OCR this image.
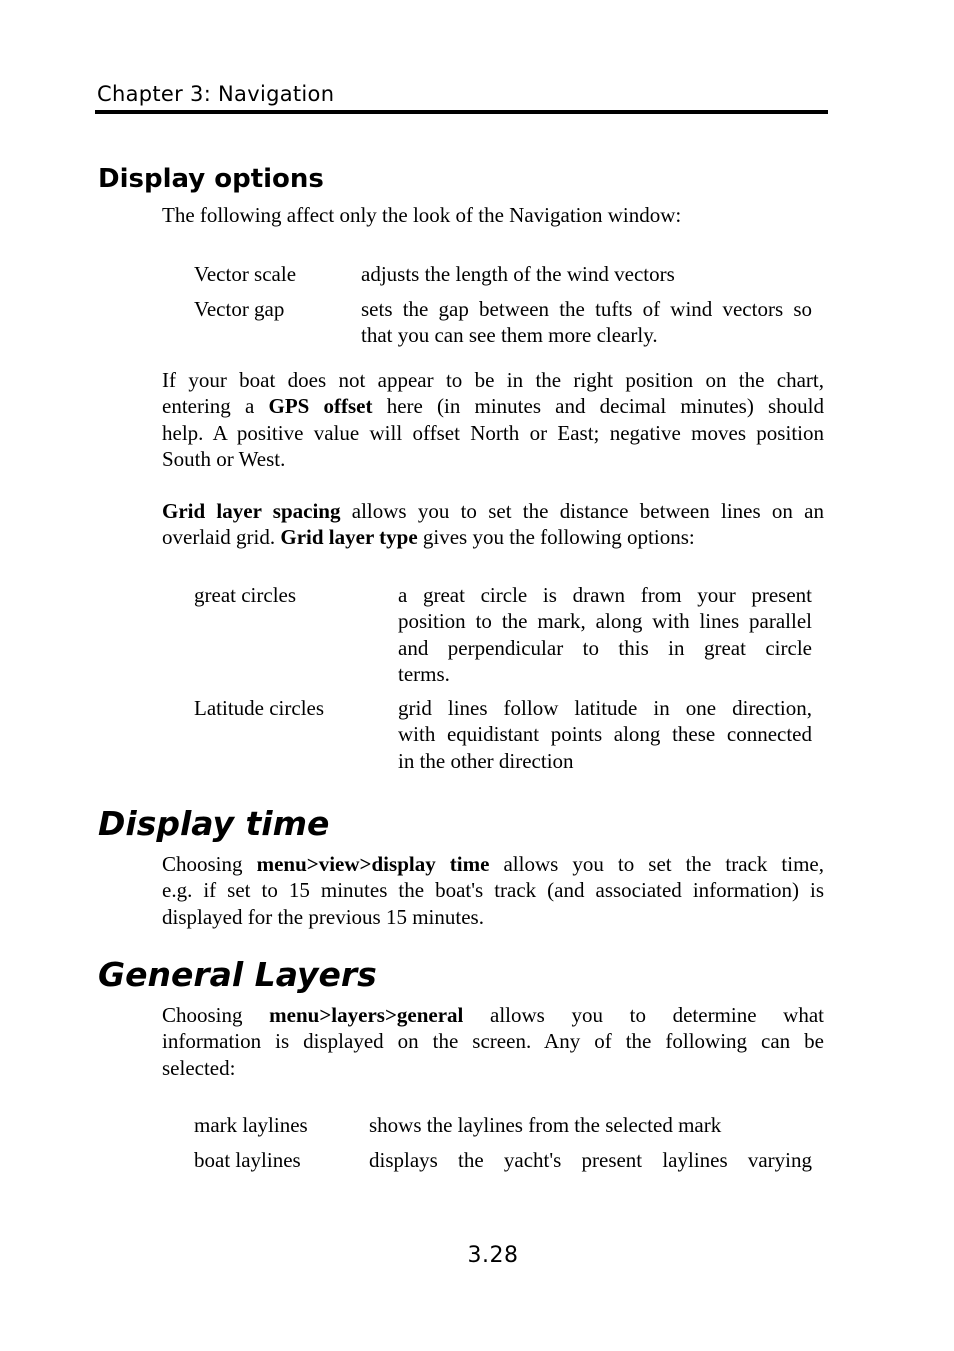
Chapter 3: Navigation
Display options
The following affect only the look of the Navigation window:
Vector scale	adjusts the length of the wind vectors
Vector gap	sets the gap between the tufts of wind vectors so
that you can see them more clearly.
If your boat does not appear to be in the right position on the chart,
entering a GPS offset here (in minutes and decimal minutes) should
help. A positive value will offset North or East; negative moves position
South or West.
Grid layer spacing allows you to set the distance between lines on an
overlaid grid. Grid layer type gives you the following options:
great circles	a great circle is drawn from your present
position to the mark, along with lines parallel
and perpendicular to this in great circle
terms.
Latitude circles	grid lines follow latitude in one direction,
with equidistant points along these connected
in the other direction
Display time
Choosing menu>view>display time allows you to set the track time,
e.g. if set to 15 minutes the boat's track (and associated information) is
displayed for the previous 15 minutes.
General Layers
Choosing menu>layers>general allows you to determine what
information is displayed on the screen. Any of the following can be
selected:
mark laylines	shows the laylines from the selected mark
boat laylines	displays the yacht's present laylines varying
3.28
